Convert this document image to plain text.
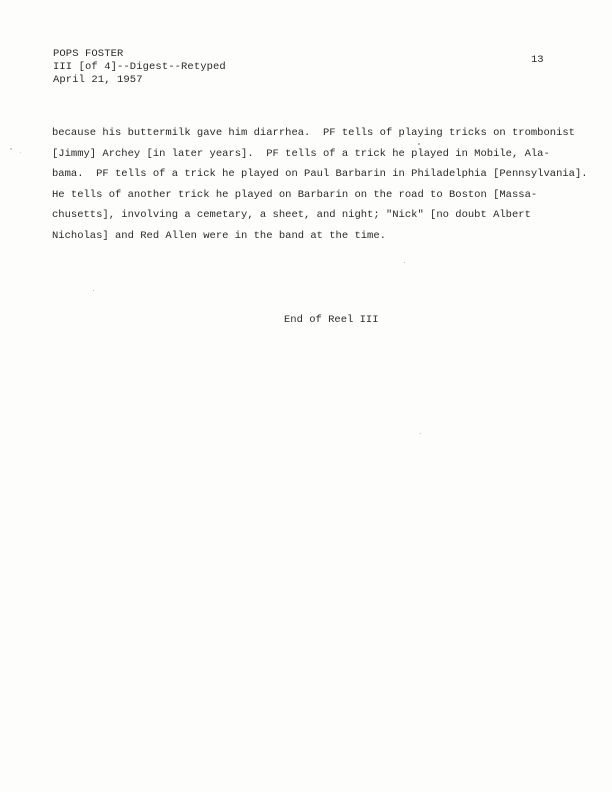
POPS FOSTER
III [of 4]--Digest--Retyped
April 21, 1957
13
because his buttermilk gave him diarrhea.  PF tells of playing tricks on trombonist
[Jimmy] Archey [in later years].  PF tells of a trick he played in Mobile, Ala-
bama.  PF tells of a trick he played on Paul Barbarin in Philadelphia [Pennsylvania].
He tells of another trick he played on Barbarin on the road to Boston [Massa-
chusetts], involving a cemetary, a sheet, and night; "Nick" [no doubt Albert
Nicholas] and Red Allen were in the band at the time.
End of Reel III
